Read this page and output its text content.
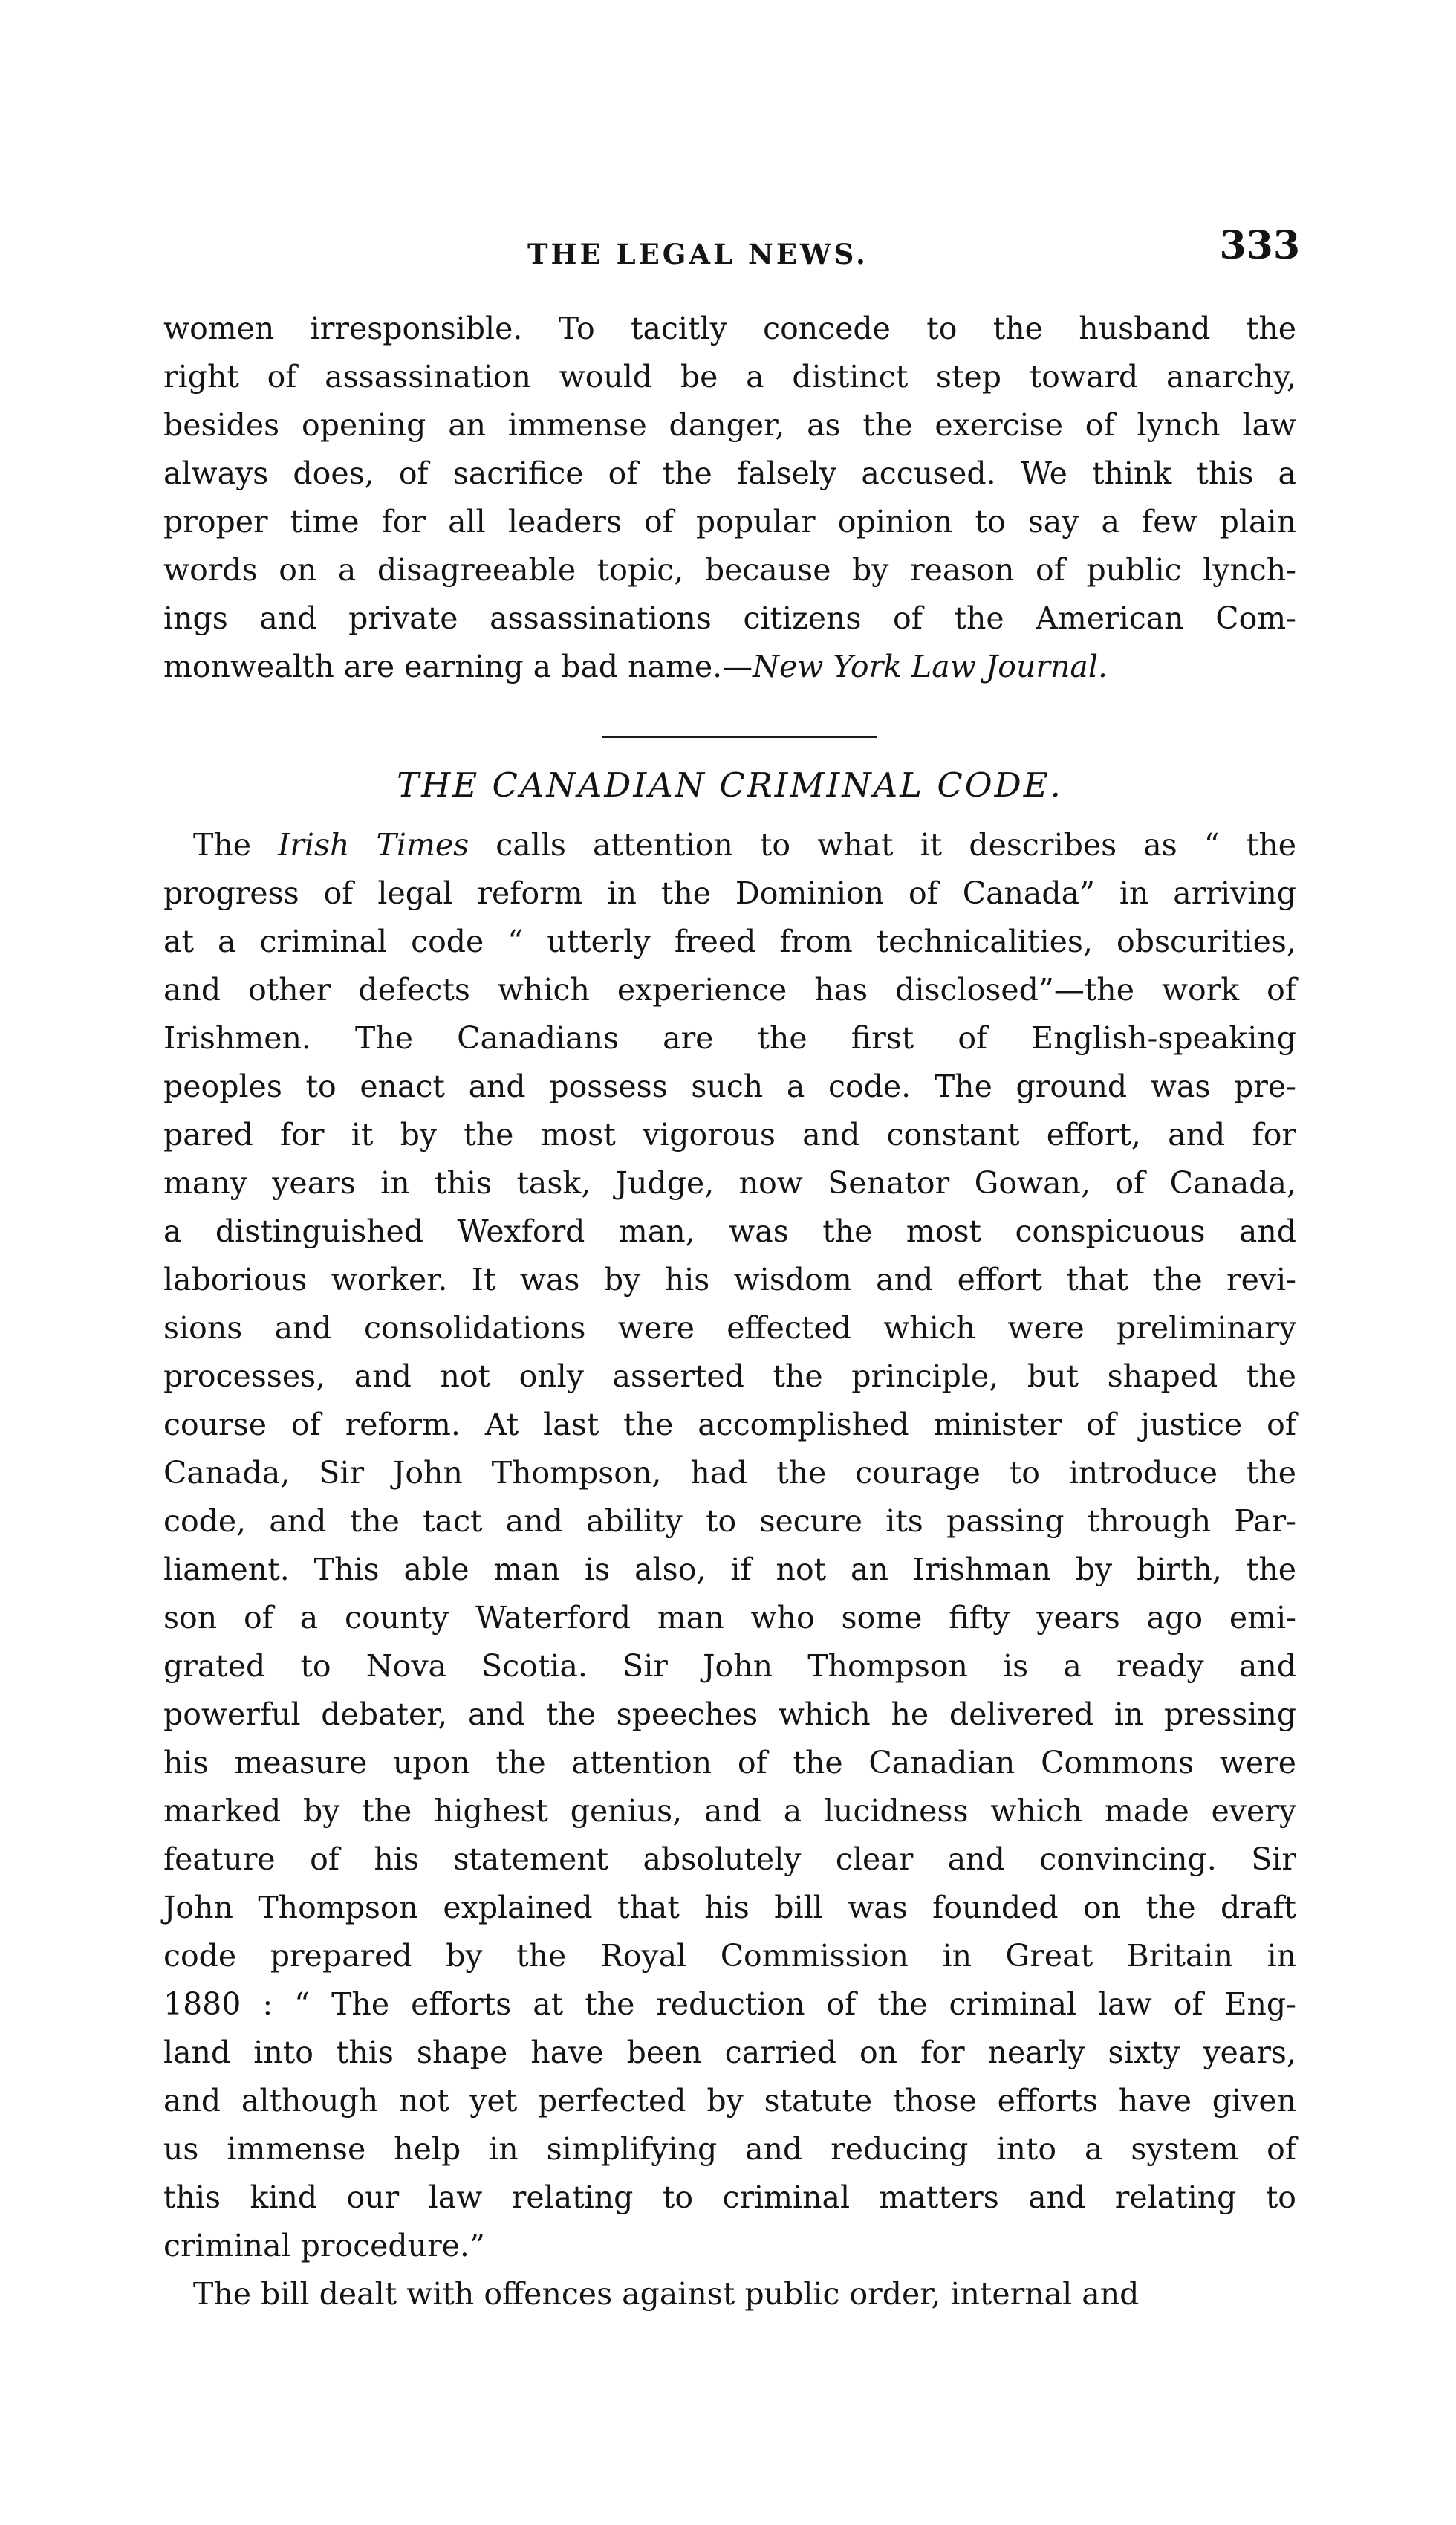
THE LEGAL NEWS.	333
women irresponsible. To tacitly concede to the husband the
right of assassination would be a distinct step toward anarchy,
besides opening an immense danger, as the exercise of lynch law
always does, of sacrifice of the falsely accused. We think this a
proper time for all leaders of popular opinion to say a few plain
words on a disagreeable topic, because by reason of public lynch-
ings and private assassinations citizens of the American Com-
monwealth are earning a bad name.—New York Law Journal.
THE CANADIAN CRIMINAL CODE.
The Irish Times calls attention to what it describes as “ the
progress of legal reform in the Dominion of Canada” in arriving
at a criminal code “ utterly freed from technicalities, obscurities,
and other defects which experience has disclosed”—the work of
Irishmen. The Canadians are the first of English-speaking
peoples to enact and possess such a code. The ground was pre-
pared for it by the most vigorous and constant effort, and for
many years in this task, Judge, now Senator Gowan, of Canada,
a distinguished Wexford man, was the most conspicuous and
laborious worker. It was by his wisdom and effort that the revi-
sions and consolidations were effected which were preliminary
processes, and not only asserted the principle, but shaped the
course of reform. At last the accomplished minister of justice of
Canada, Sir John Thompson, had the courage to introduce the
code, and the tact and ability to secure its passing through Par-
liament. This able man is also, if not an Irishman by birth, the
son of a county Waterford man who some fifty years ago emi-
grated to Nova Scotia. Sir John Thompson is a ready and
powerful debater, and the speeches which he delivered in pressing
his measure upon the attention of the Canadian Commons were
marked by the highest genius, and a lucidness which made every
feature of his statement absolutely clear and convincing. Sir
John Thompson explained that his bill was founded on the draft
code prepared by the Royal Commission in Great Britain in
1880 : “ The efforts at the reduction of the criminal law of Eng-
land into this shape have been carried on for nearly sixty years,
and although not yet perfected by statute those efforts have given
us immense help in simplifying and reducing into a system of
this kind our law relating to criminal matters and relating to
criminal procedure.”
The bill dealt with offences against public order, internal and
